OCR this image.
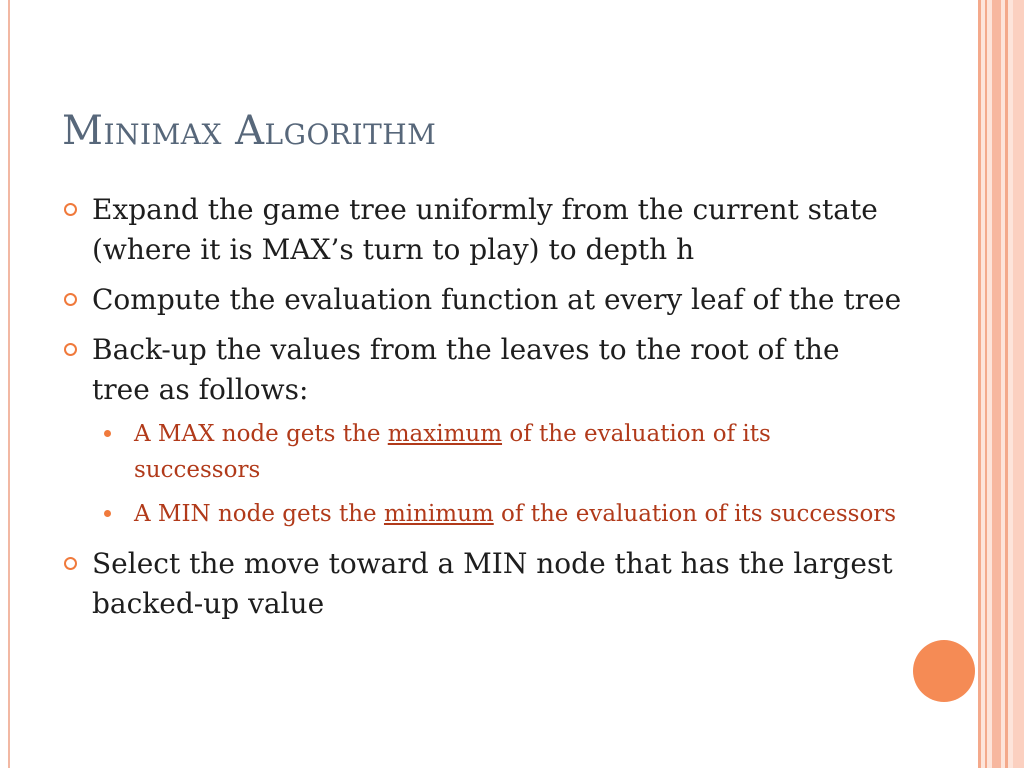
Minimax Algorithm
Expand the game tree uniformly from the current state (where it is MAX’s turn to play) to depth h
Compute the evaluation function at every leaf of the tree
Back-up the values from the leaves to the root of the tree as follows:
A MAX node gets the maximum of the evaluation of its successors
A MIN node gets the minimum of the evaluation of its successors
Select the move toward a MIN node that has the largest backed-up value
